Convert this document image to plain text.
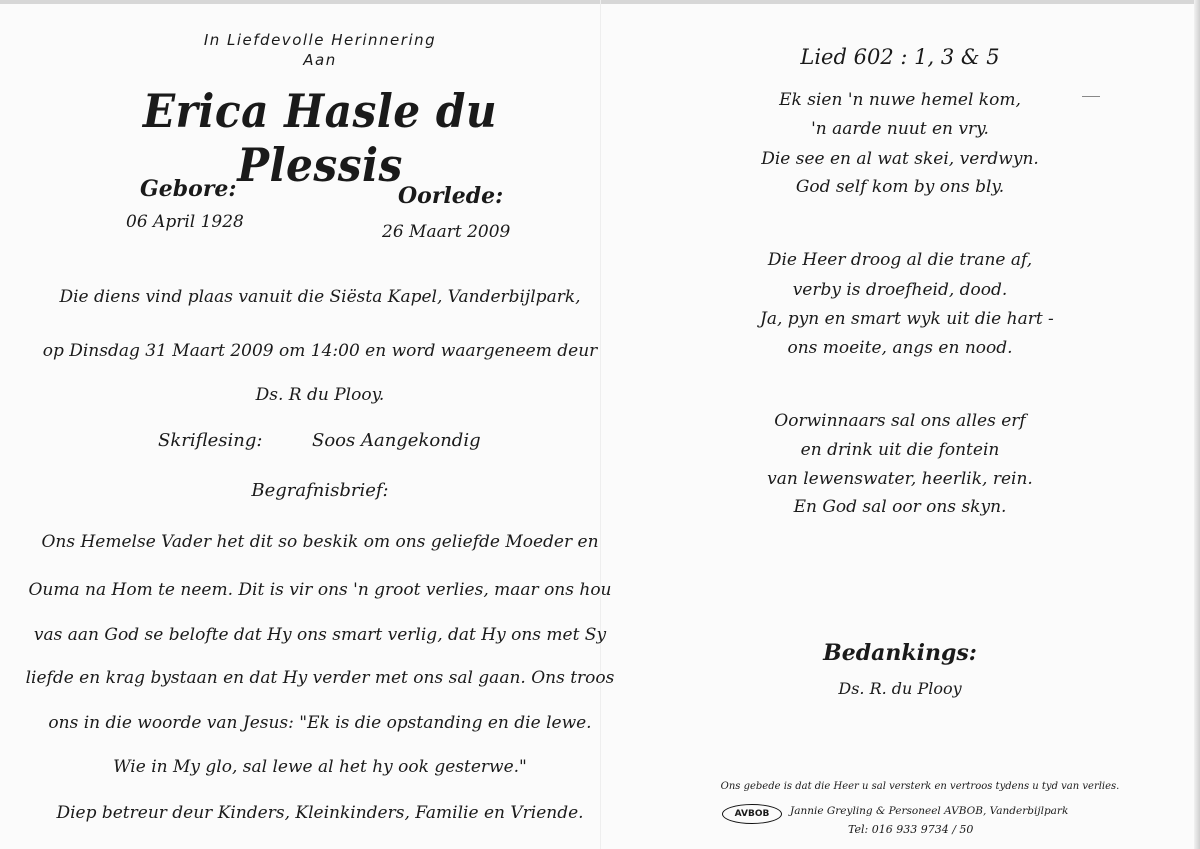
In Liefdevolle Herinnering
Aan
Erica Hasle du Plessis
Gebore:
06 April 1928
Oorlede:
26 Maart 2009
Die diens vind plaas vanuit die Siësta Kapel, Vanderbijlpark,
op Dinsdag 31 Maart 2009 om 14:00 en word waargeneem deur
Ds. R du Plooy.
Skriflesing:	Soos Aangekondig
Begrafnisbrief:
Ons Hemelse Vader het dit so beskik om ons geliefde Moeder en
Ouma na Hom te neem. Dit is vir ons 'n groot verlies, maar ons hou
vas aan God se belofte dat Hy ons smart verlig, dat Hy ons met Sy
liefde en krag bystaan en dat Hy verder met ons sal gaan. Ons troos
ons in die woorde van Jesus: "Ek is die opstanding en die lewe.
Wie in My glo, sal lewe al het hy ook gesterwe."
Diep betreur deur Kinders, Kleinkinders, Familie en Vriende.
Lied 602 : 1, 3 & 5
Ek sien 'n nuwe hemel kom,
'n aarde nuut en vry.
Die see en al wat skei, verdwyn.
God self kom by ons bly.
Die Heer droog al die trane af,
verby is droefheid, dood.
Ja, pyn en smart wyk uit die hart -
ons moeite, angs en nood.
Oorwinnaars sal ons alles erf
en drink uit die fontein
van lewenswater, heerlik, rein.
En God sal oor ons skyn.
Bedankings:
Ds. R. du Plooy
Ons gebede is dat die Heer u sal versterk en vertroos tydens u tyd van verlies.
AVBOB	Jannie Greyling & Personeel AVBOB, Vanderbijlpark
Tel: 016 933 9734 / 50
